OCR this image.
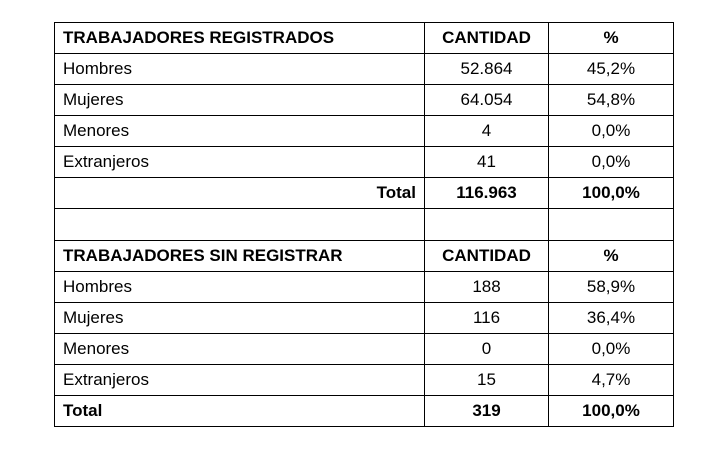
TRABAJADORES REGISTRADOS	CANTIDAD	%
Hombres	52.864	45,2%
Mujeres	64.054	54,8%
Menores	4	0,0%
Extranjeros	41	0,0%
Total	116.963	100,0%

TRABAJADORES SIN REGISTRAR	CANTIDAD	%
Hombres	188	58,9%
Mujeres	116	36,4%
Menores	0	0,0%
Extranjeros	15	4,7%
Total	319	100,0%
